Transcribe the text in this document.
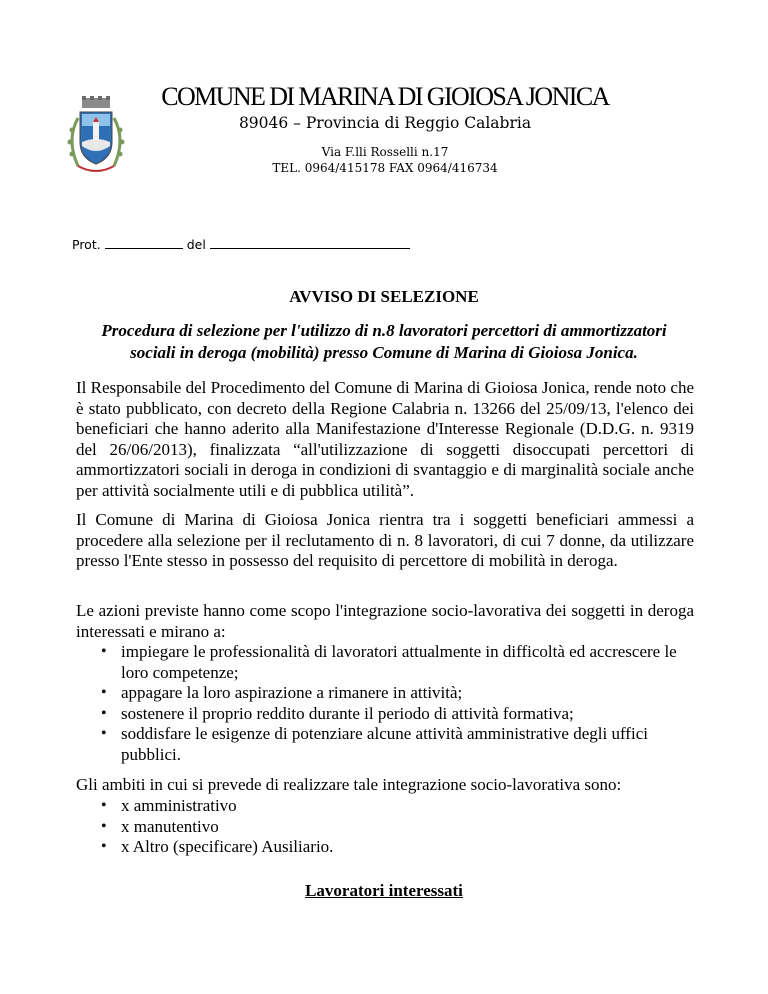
COMUNE DI MARINA DI GIOIOSA JONICA
89046 – Provincia di Reggio Calabria
Via F.lli Rosselli n.17
TEL. 0964/415178 FAX 0964/416734
Prot.	del
AVVISO DI SELEZIONE
Procedura di selezione per l'utilizzo di n.8 lavoratori percettori di ammortizzatori sociali in deroga (mobilità) presso Comune di Marina di Gioiosa Jonica.
Il Responsabile del Procedimento del Comune di Marina di Gioiosa Jonica, rende noto che è stato pubblicato, con decreto della Regione Calabria n. 13266 del 25/09/13, l'elenco dei beneficiari che hanno aderito alla Manifestazione d'Interesse Regionale (D.D.G. n. 9319 del 26/06/2013), finalizzata “all'utilizzazione di soggetti disoccupati percettori di ammortizzatori sociali in deroga in condizioni di svantaggio e di marginalità sociale anche per attività socialmente utili e di pubblica utilità”.
Il Comune di Marina di Gioiosa Jonica rientra tra i soggetti beneficiari ammessi a procedere alla selezione per il reclutamento di n. 8 lavoratori, di cui 7 donne, da utilizzare presso l'Ente stesso in possesso del requisito di percettore di mobilità in deroga.
Le azioni previste hanno come scopo l'integrazione socio-lavorativa dei soggetti in deroga interessati e mirano a:
• impiegare le professionalità di lavoratori attualmente in difficoltà ed accrescere le loro competenze;
• appagare la loro aspirazione a rimanere in attività;
• sostenere il proprio reddito durante il periodo di attività formativa;
• soddisfare le esigenze di potenziare alcune attività amministrative degli uffici pubblici.
Gli ambiti in cui si prevede di realizzare tale integrazione socio-lavorativa sono:
• x amministrativo
• x manutentivo
• x Altro (specificare) Ausiliario.
Lavoratori interessati
